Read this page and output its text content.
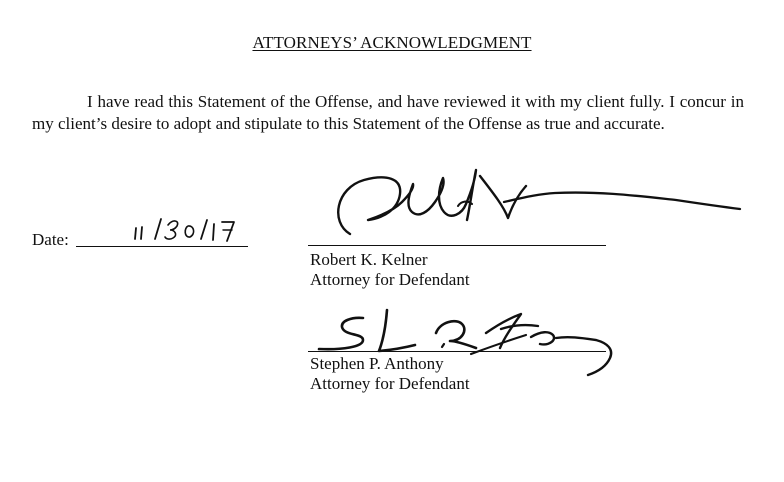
ATTORNEYS’ ACKNOWLEDGMENT

I have read this Statement of the Offense, and have reviewed it with my client fully. I concur in my client’s desire to adopt and stipulate to this Statement of the Offense as true and accurate.

Date:
Robert K. Kelner
Attorney for Defendant
Stephen P. Anthony
Attorney for Defendant
